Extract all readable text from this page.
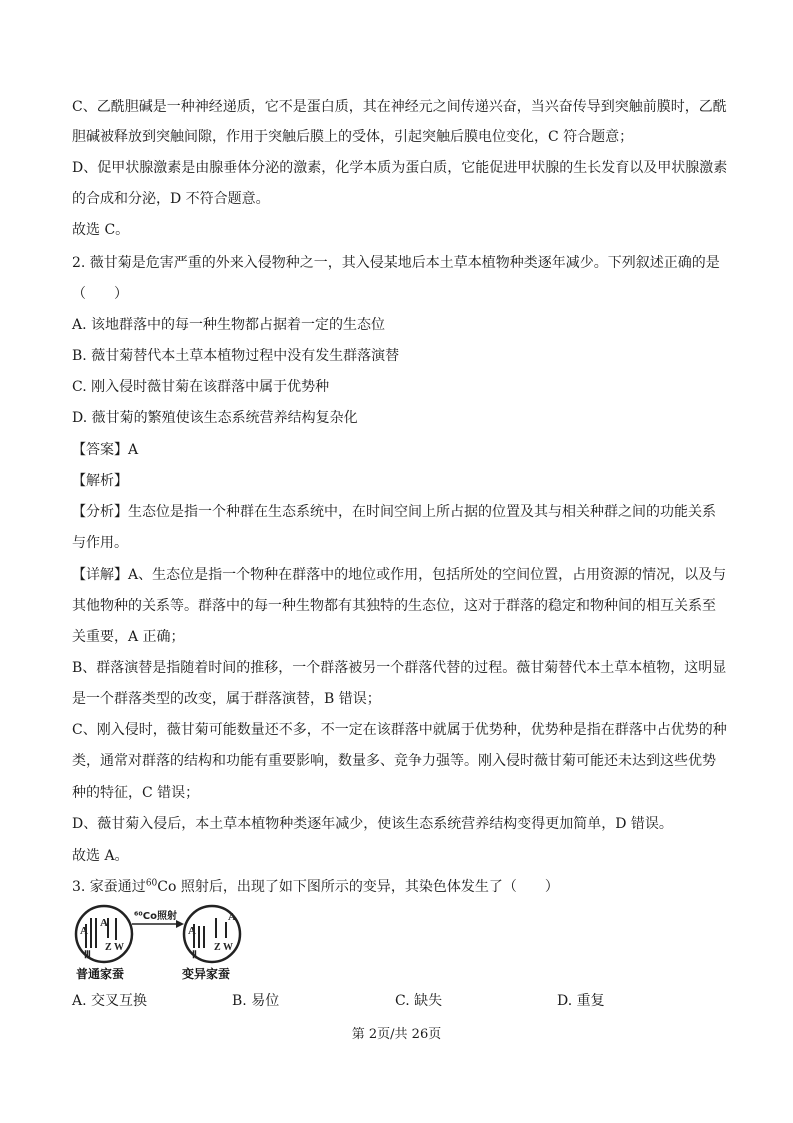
C、乙酰胆碱是一种神经递质，它不是蛋白质，其在神经元之间传递兴奋，当兴奋传导到突触前膜时，乙酰
胆碱被释放到突触间隙，作用于突触后膜上的受体，引起突触后膜电位变化，C 符合题意；
D、促甲状腺激素是由腺垂体分泌的激素，化学本质为蛋白质，它能促进甲状腺的生长发育以及甲状腺激素
的合成和分泌，D 不符合题意。
故选 C。
2. 薇甘菊是危害严重的外来入侵物种之一，其入侵某地后本土草本植物种类逐年减少。下列叙述正确的是
（　　）
A. 该地群落中的每一种生物都占据着一定的生态位
B. 薇甘菊替代本土草本植物过程中没有发生群落演替
C. 刚入侵时薇甘菊在该群落中属于优势种
D. 薇甘菊的繁殖使该生态系统营养结构复杂化
【答案】A
【解析】
【分析】生态位是指一个种群在生态系统中，在时间空间上所占据的位置及其与相关种群之间的功能关系
与作用。
【详解】A、生态位是指一个物种在群落中的地位或作用，包括所处的空间位置，占用资源的情况，以及与
其他物种的关系等。群落中的每一种生物都有其独特的生态位，这对于群落的稳定和物种间的相互关系至
关重要，A 正确；
B、群落演替是指随着时间的推移，一个群落被另一个群落代替的过程。薇甘菊替代本土草本植物，这明显
是一个群落类型的改变，属于群落演替，B 错误；
C、刚入侵时，薇甘菊可能数量还不多，不一定在该群落中就属于优势种，优势种是指在群落中占优势的种
类，通常对群落的结构和功能有重要影响，数量多、竞争力强等。刚入侵时薇甘菊可能还未达到这些优势
种的特征，C 错误；
D、薇甘菊入侵后，本土草本植物种类逐年减少，使该生态系统营养结构变得更加简单，D 错误。
故选 A。
3. 家蚕通过$^{60}$Co 照射后，出现了如下图所示的变异，其染色体发生了（　　）
A
A
Ⅲ
Z W
⁶⁰Co照射
A
A
Ⅱ
Z W
普通家蚕	变异家蚕
A. 交叉互换	B. 易位	C. 缺失	D. 重复
第 2页/共 26页
